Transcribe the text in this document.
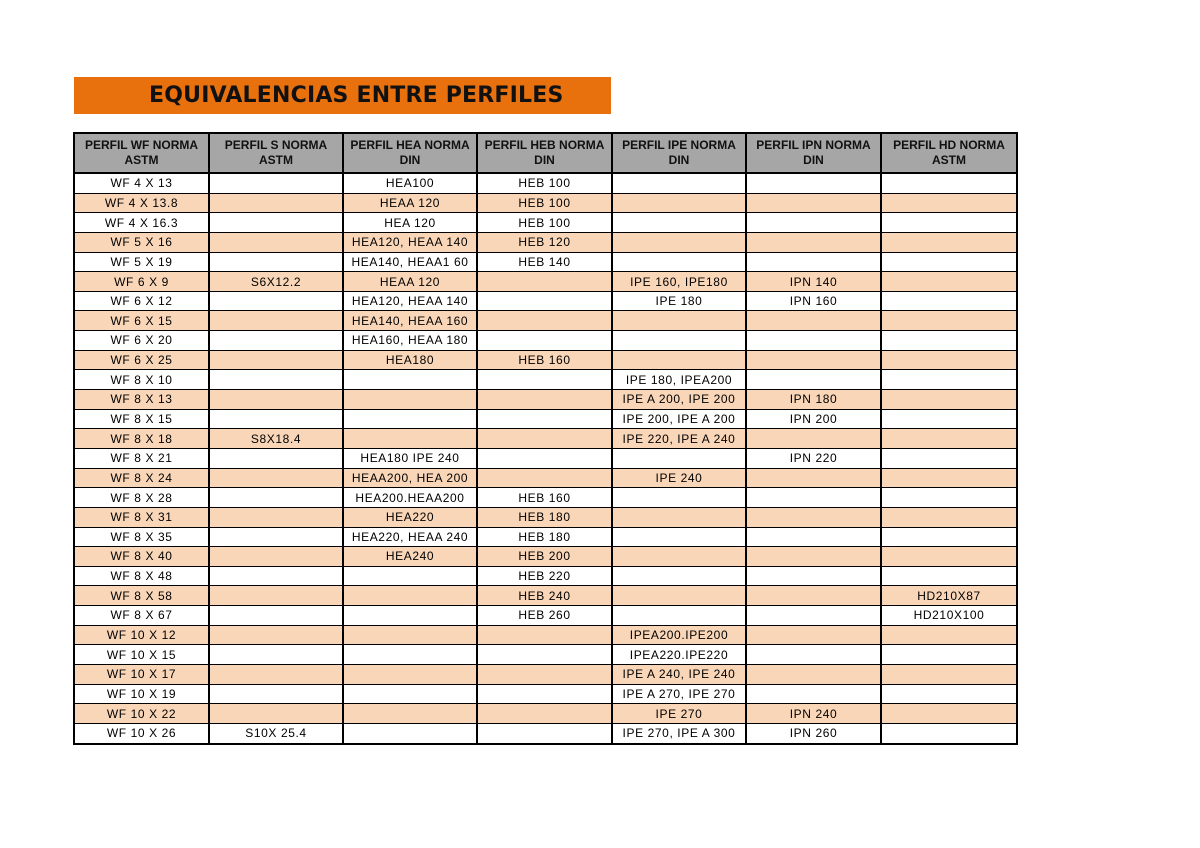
EQUIVALENCIAS ENTRE PERFILES
PERFIL WF NORMA ASTM	PERFIL S NORMA ASTM	PERFIL HEA NORMA DIN	PERFIL HEB NORMA DIN	PERFIL IPE NORMA DIN	PERFIL IPN NORMA DIN	PERFIL HD NORMA ASTM
WF 4 X 13		HEA100	HEB 100			
WF 4 X 13.8		HEAA 120	HEB 100			
WF 4 X 16.3		HEA 120	HEB 100			
WF 5 X 16		HEA120, HEAA 140	HEB 120			
WF 5 X 19		HEA140, HEAA1 60	HEB 140			
WF 6 X 9	S6X12.2	HEAA 120		IPE 160, IPE180	IPN 140	
WF 6 X 12		HEA120, HEAA 140		IPE 180	IPN 160	
WF 6 X 15		HEA140, HEAA 160				
WF 6 X 20		HEA160, HEAA 180				
WF 6 X 25		HEA180	HEB 160			
WF 8 X 10				IPE 180, IPEA200		
WF 8 X 13				IPE A 200, IPE 200	IPN 180	
WF 8 X 15				IPE 200, IPE A 200	IPN 200	
WF 8 X 18	S8X18.4			IPE 220, IPE A 240		
WF 8 X 21		HEA180 IPE 240			IPN 220	
WF 8 X 24		HEAA200, HEA 200		IPE 240		
WF 8 X 28		HEA200.HEAA200	HEB 160			
WF 8 X 31		HEA220	HEB 180			
WF 8 X 35		HEA220, HEAA 240	HEB 180			
WF 8 X 40		HEA240	HEB 200			
WF 8 X 48			HEB 220			
WF 8 X 58			HEB 240			HD210X87
WF 8 X 67			HEB 260			HD210X100
WF 10 X 12				IPEA200.IPE200		
WF 10 X 15				IPEA220.IPE220		
WF 10 X 17				IPE A 240, IPE 240		
WF 10 X 19				IPE A 270, IPE 270		
WF 10 X 22				IPE 270	IPN 240	
WF 10 X 26	S10X 25.4			IPE 270, IPE A 300	IPN 260	
